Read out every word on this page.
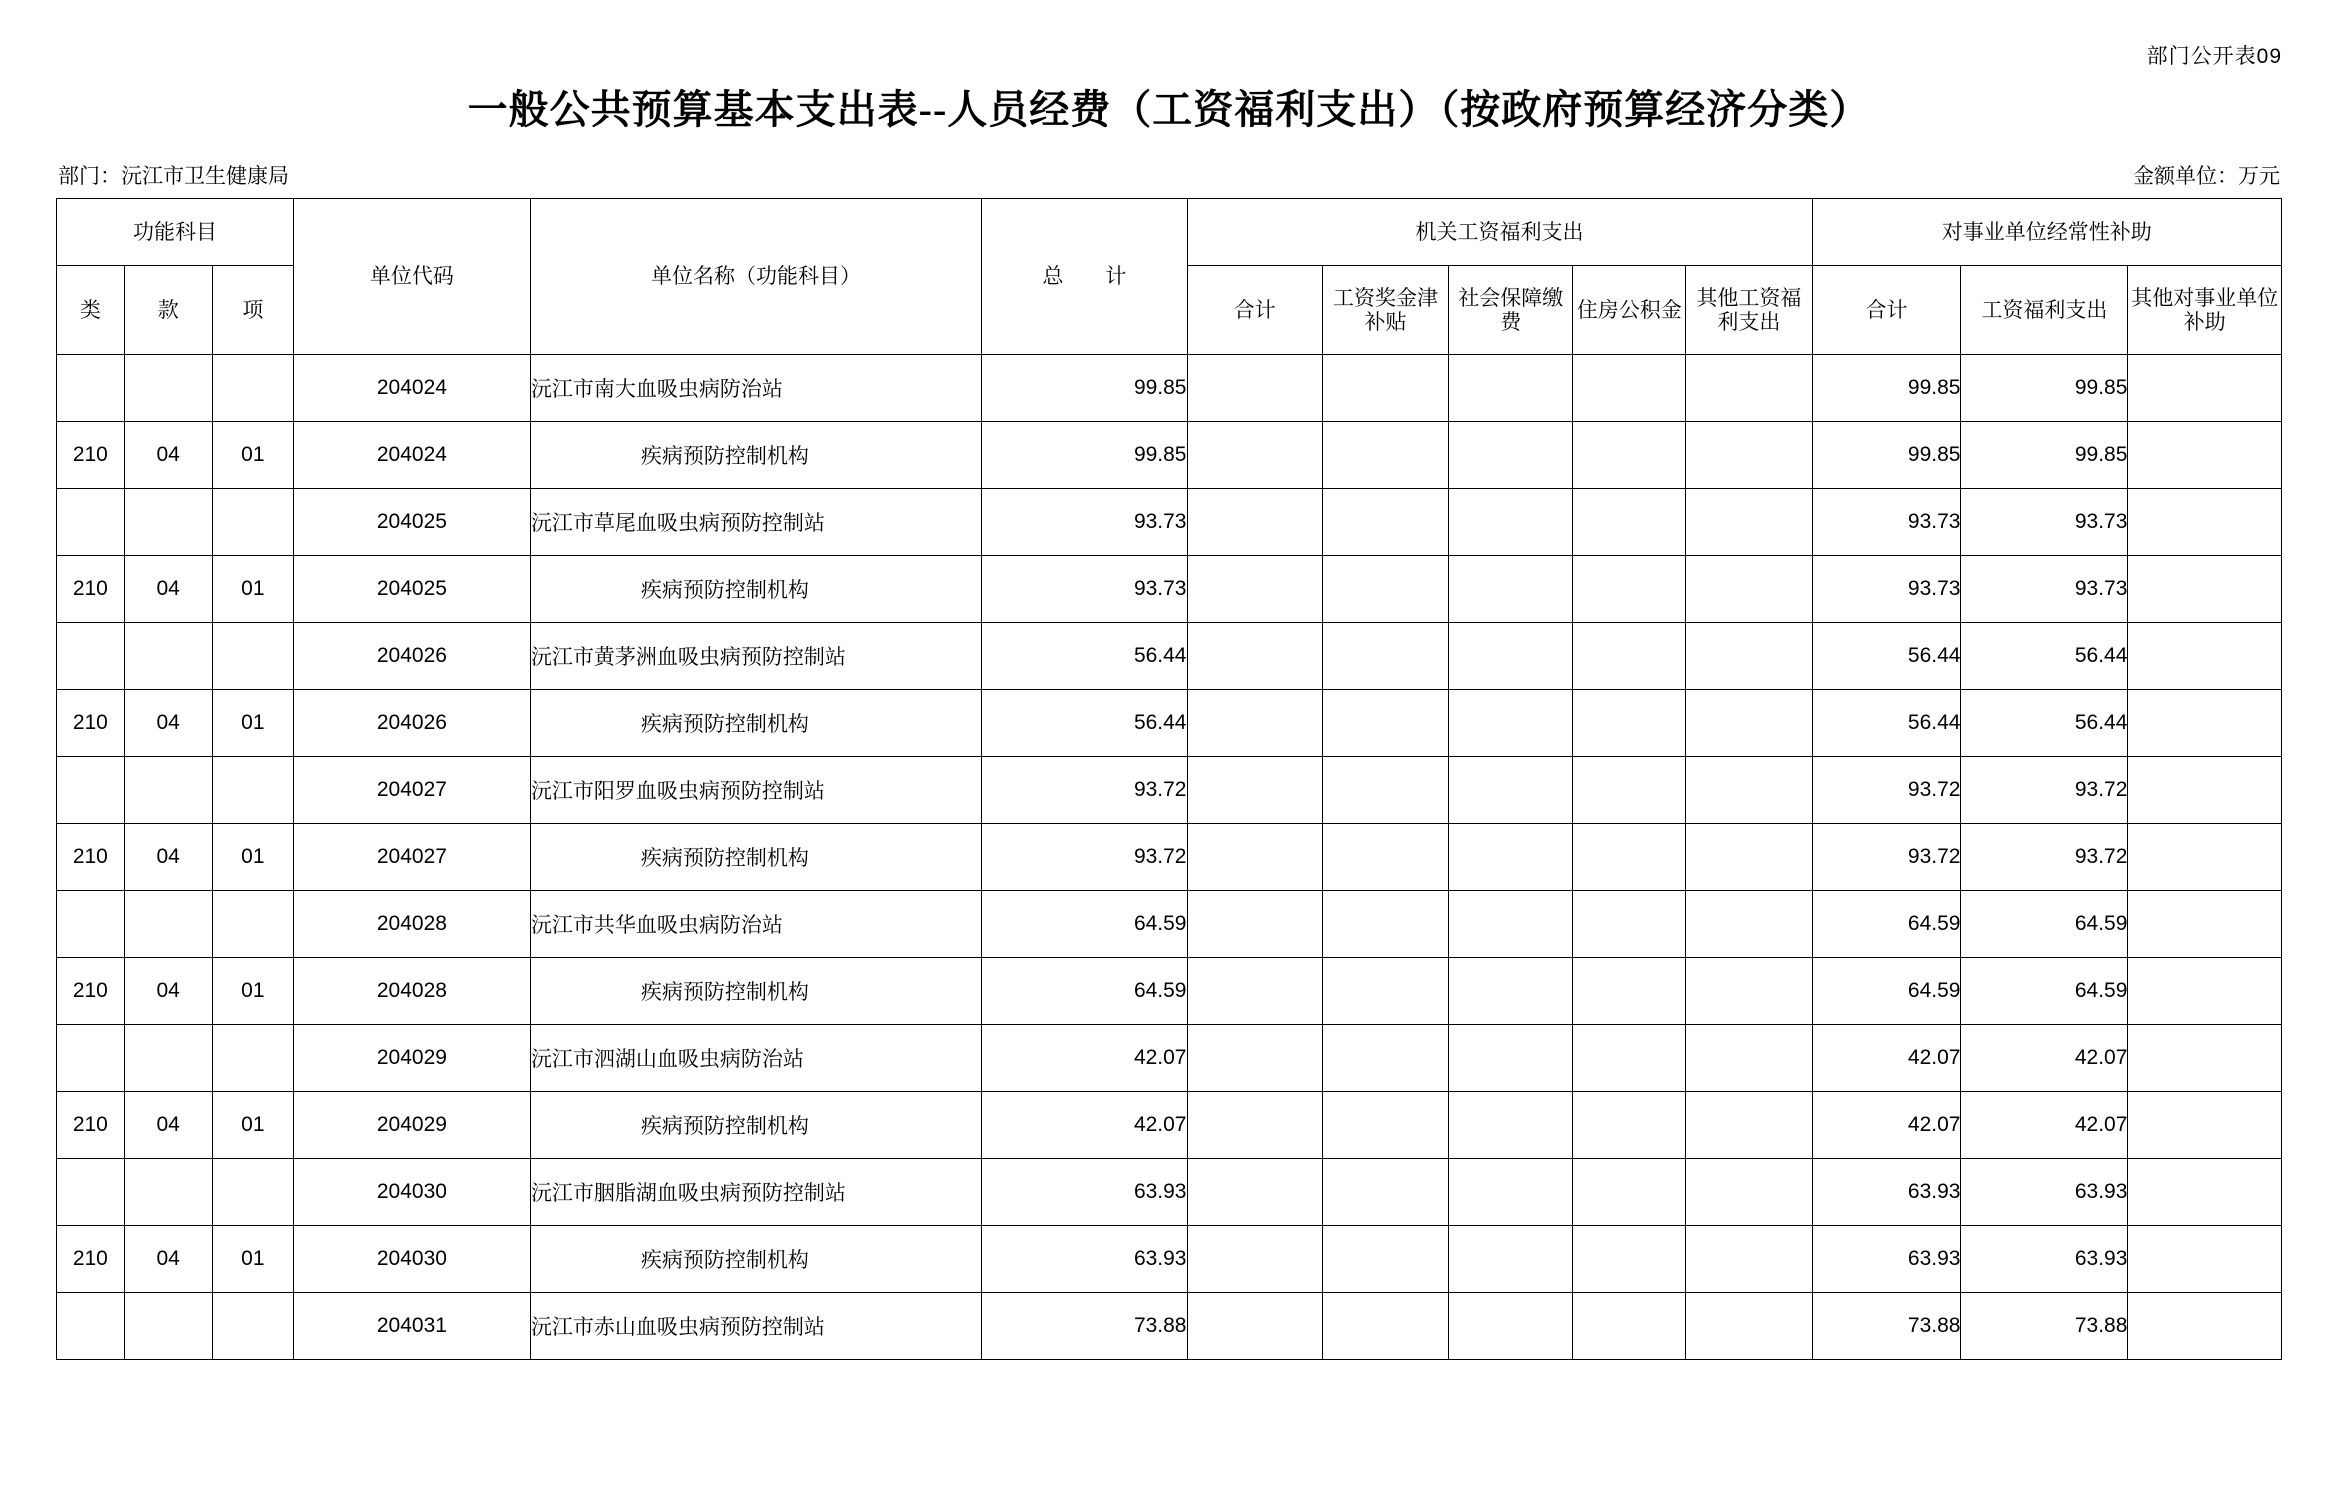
部门公开表09
一般公共预算基本支出表--人员经费（工资福利支出）（按政府预算经济分类）
部门：沅江市卫生健康局	金额单位：万元
功能科目			单位代码	单位名称（功能科目）	总　　计	机关工资福利支出					对事业单位经常性补助		
类	款	项				合计	工资奖金津补贴	社会保障缴费	住房公积金	其他工资福利支出	合计	工资福利支出	其他对事业单位补助
			204024	沅江市南大血吸虫病防治站	99.85						99.85	99.85	
210	04	01	204024	疾病预防控制机构	99.85						99.85	99.85	
			204025	沅江市草尾血吸虫病预防控制站	93.73						93.73	93.73	
210	04	01	204025	疾病预防控制机构	93.73						93.73	93.73	
			204026	沅江市黄茅洲血吸虫病预防控制站	56.44						56.44	56.44	
210	04	01	204026	疾病预防控制机构	56.44						56.44	56.44	
			204027	沅江市阳罗血吸虫病预防控制站	93.72						93.72	93.72	
210	04	01	204027	疾病预防控制机构	93.72						93.72	93.72	
			204028	沅江市共华血吸虫病防治站	64.59						64.59	64.59	
210	04	01	204028	疾病预防控制机构	64.59						64.59	64.59	
			204029	沅江市泗湖山血吸虫病防治站	42.07						42.07	42.07	
210	04	01	204029	疾病预防控制机构	42.07						42.07	42.07	
			204030	沅江市胭脂湖血吸虫病预防控制站	63.93						63.93	63.93	
210	04	01	204030	疾病预防控制机构	63.93						63.93	63.93	
			204031	沅江市赤山血吸虫病预防控制站	73.88						73.88	73.88	
